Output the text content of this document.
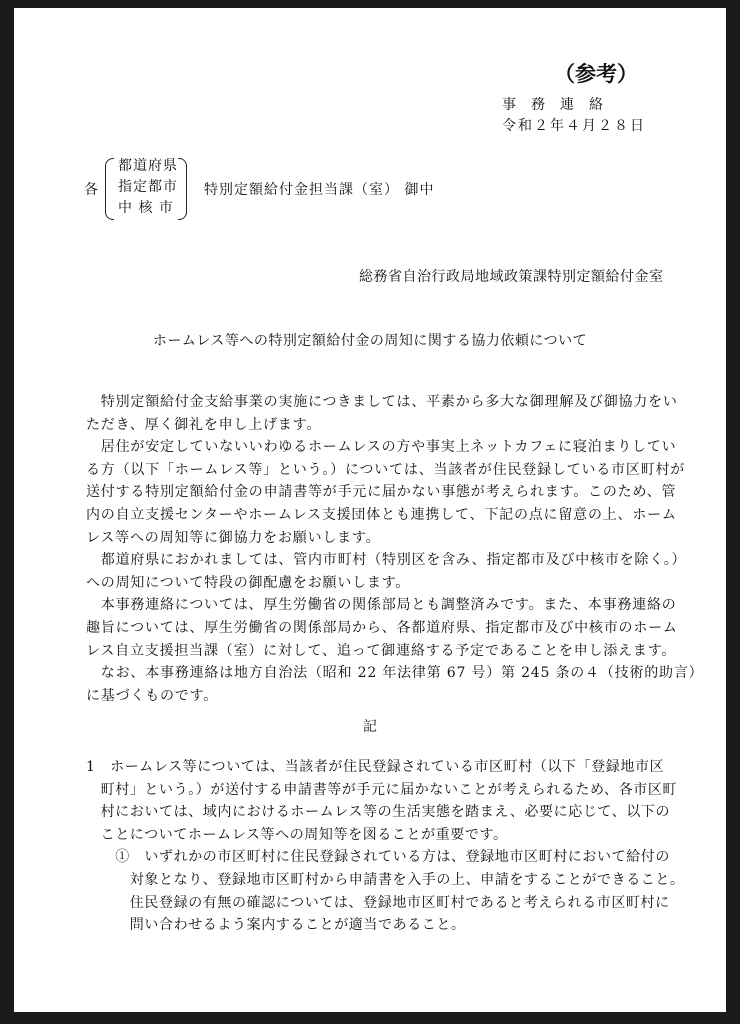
（参考）
事務連絡
令和２年４月２８日
各
都道府県
指定都市
中 核 市
特別定額給付金担当課（室） 御中
総務省自治行政局地域政策課特別定額給付金室
ホームレス等への特別定額給付金の周知に関する協力依頼について
　特別定額給付金支給事業の実施につきましては、平素から多大な御理解及び御協力をい
ただき、厚く御礼を申し上げます。
　居住が安定していないいわゆるホームレスの方や事実上ネットカフェに寝泊まりしてい
る方（以下「ホームレス等」という。）については、当該者が住民登録している市区町村が
送付する特別定額給付金の申請書等が手元に届かない事態が考えられます。このため、管
内の自立支援センターやホームレス支援団体とも連携して、下記の点に留意の上、ホーム
レス等への周知等に御協力をお願いします。
　都道府県におかれましては、管内市町村（特別区を含み、指定都市及び中核市を除く。）
への周知について特段の御配慮をお願いします。
　本事務連絡については、厚生労働省の関係部局とも調整済みです。また、本事務連絡の
趣旨については、厚生労働省の関係部局から、各都道府県、指定都市及び中核市のホーム
レス自立支援担当課（室）に対して、追って御連絡する予定であることを申し添えます。
　なお、本事務連絡は地方自治法（昭和 22 年法律第 67 号）第 245 条の４（技術的助言）
に基づくものです。
記
1　ホームレス等については、当該者が住民登録されている市区町村（以下「登録地市区
　町村」という。）が送付する申請書等が手元に届かないことが考えられるため、各市区町
　村においては、域内におけるホームレス等の生活実態を踏まえ、必要に応じて、以下の
　ことについてホームレス等への周知等を図ることが重要です。
　　①　いずれかの市区町村に住民登録されている方は、登録地市区町村において給付の
　　　対象となり、登録地市区町村から申請書を入手の上、申請をすることができること。
　　　住民登録の有無の確認については、登録地市区町村であると考えられる市区町村に
　　　問い合わせるよう案内することが適当であること。
